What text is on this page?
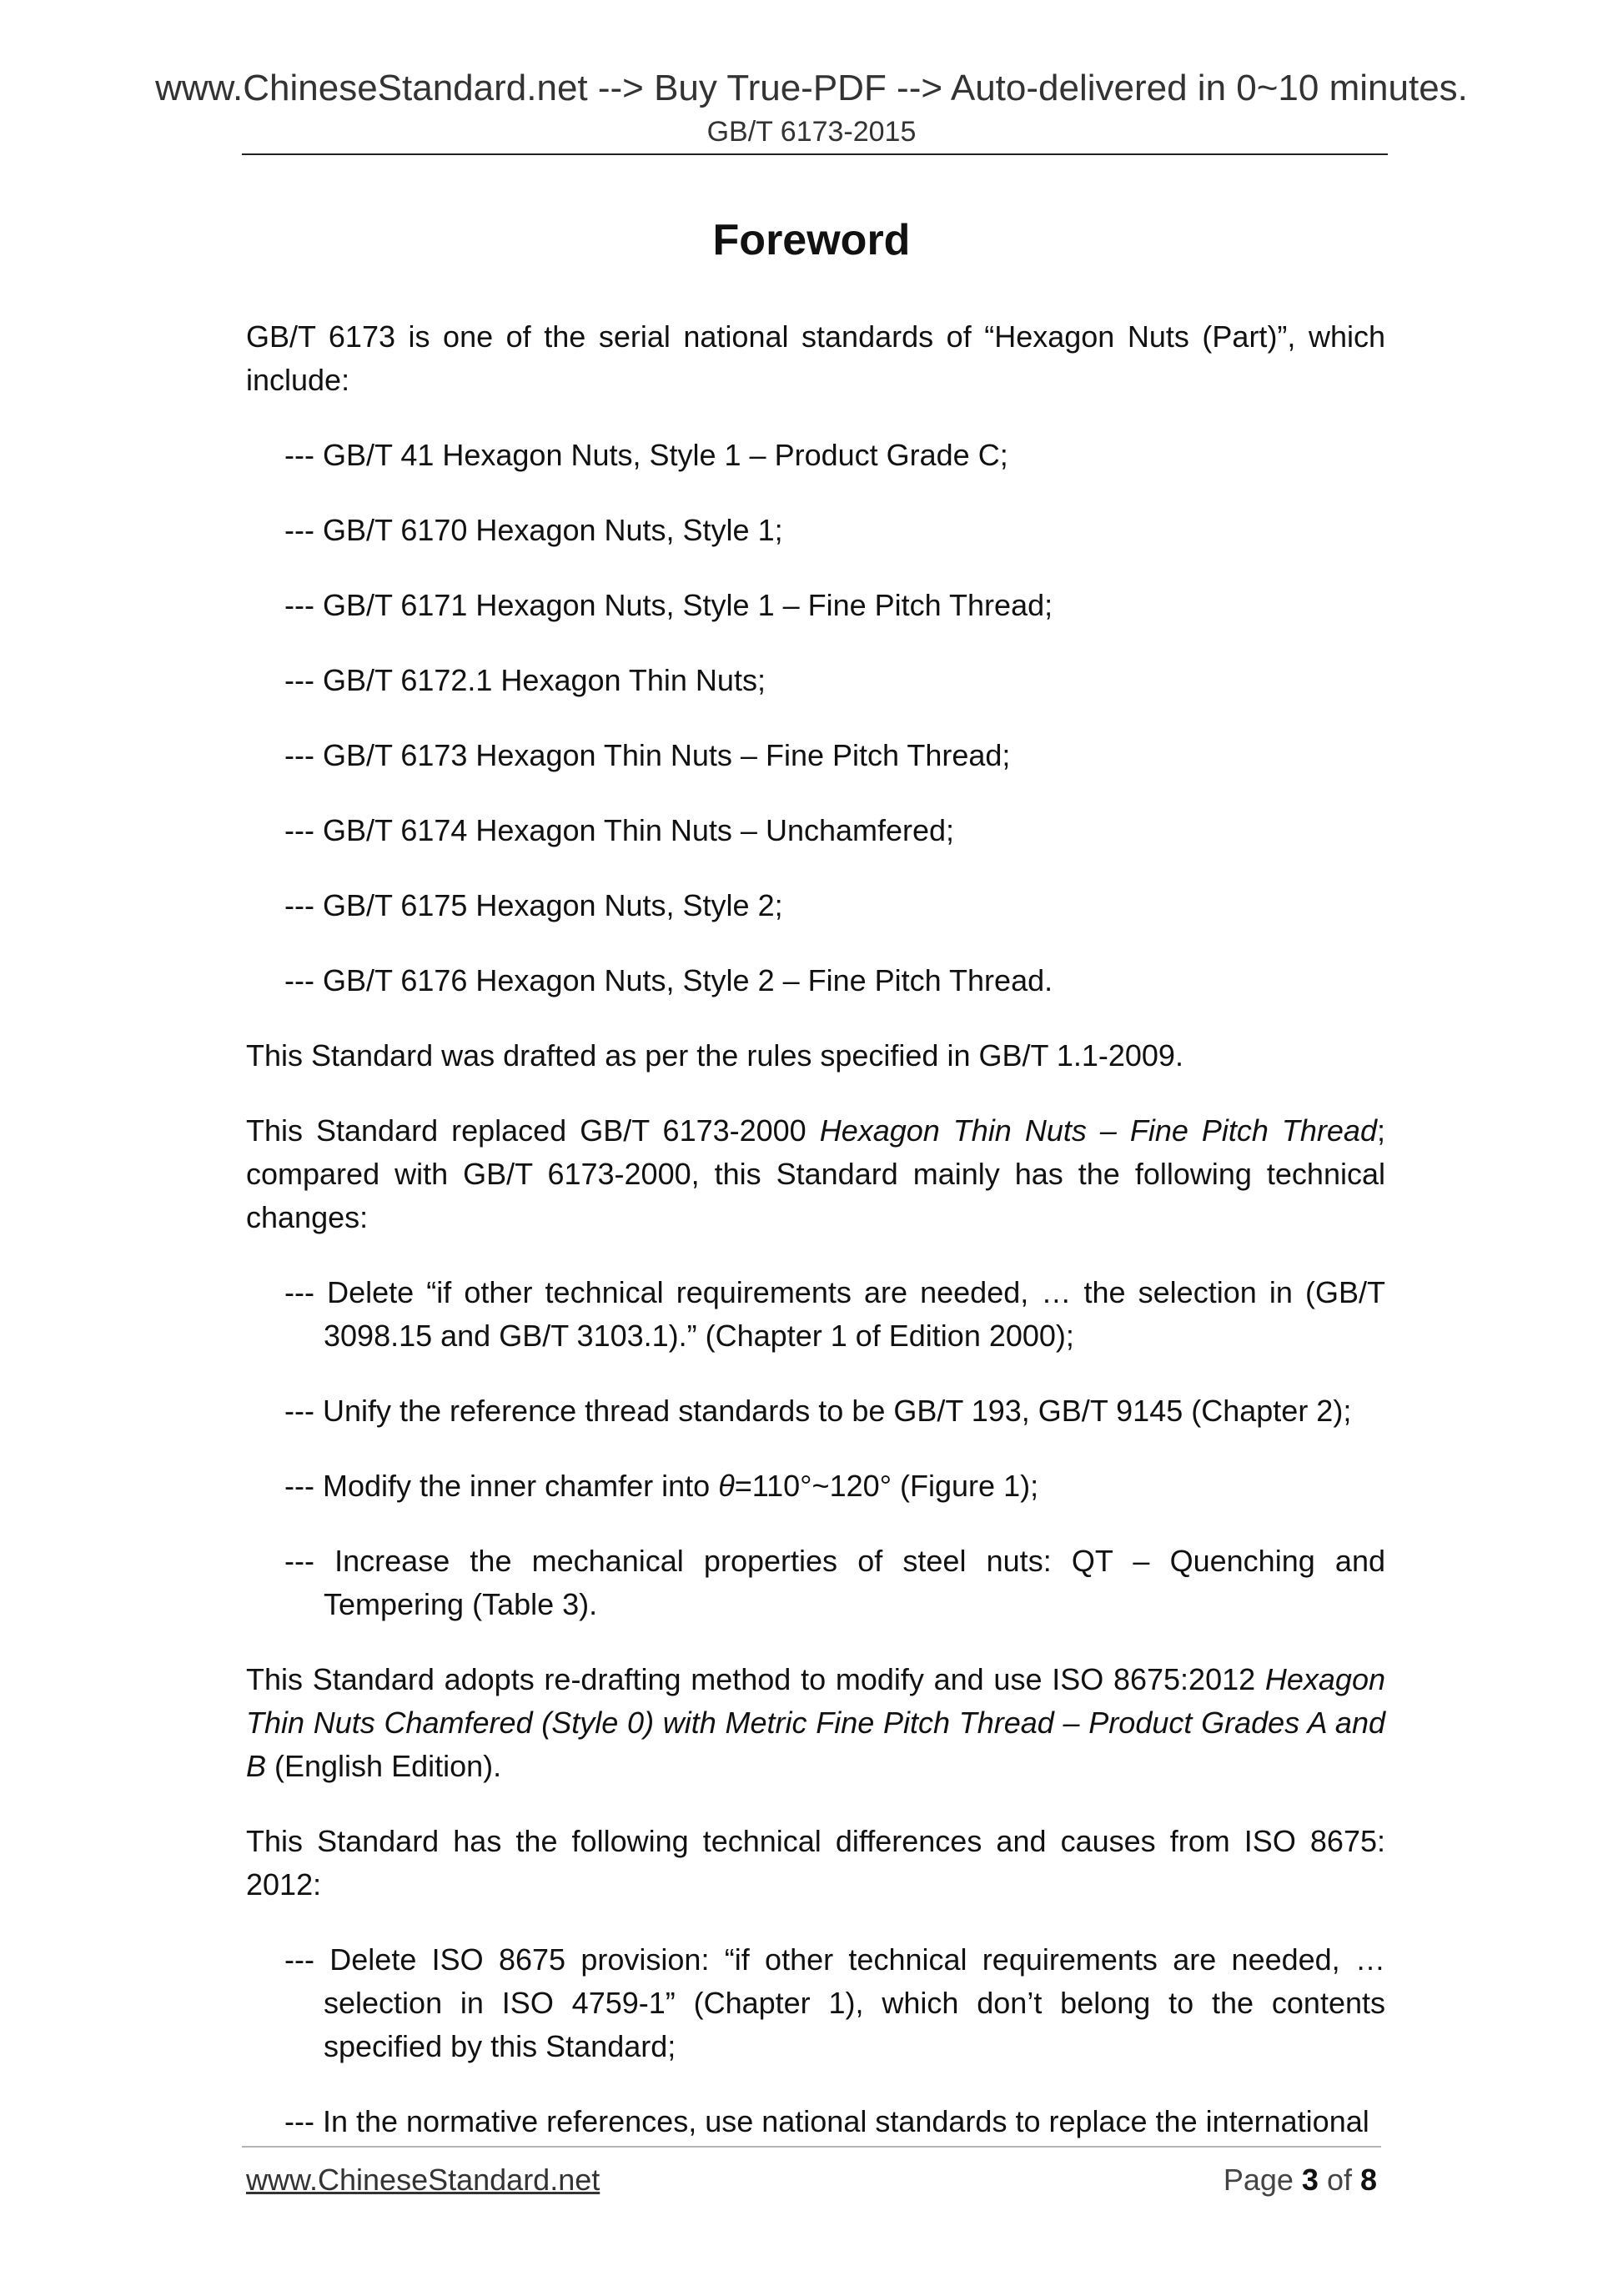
www.ChineseStandard.net --> Buy True-PDF --> Auto-delivered in 0~10 minutes.
GB/T 6173-2015
Foreword

GB/T 6173 is one of the serial national standards of “Hexagon Nuts (Part)”, which include:

--- GB/T 41 Hexagon Nuts, Style 1 – Product Grade C;

--- GB/T 6170 Hexagon Nuts, Style 1;

--- GB/T 6171 Hexagon Nuts, Style 1 – Fine Pitch Thread;

--- GB/T 6172.1 Hexagon Thin Nuts;

--- GB/T 6173 Hexagon Thin Nuts – Fine Pitch Thread;

--- GB/T 6174 Hexagon Thin Nuts – Unchamfered;

--- GB/T 6175 Hexagon Nuts, Style 2;

--- GB/T 6176 Hexagon Nuts, Style 2 – Fine Pitch Thread.

This Standard was drafted as per the rules specified in GB/T 1.1-2009.

This Standard replaced GB/T 6173-2000 Hexagon Thin Nuts – Fine Pitch Thread; compared with GB/T 6173-2000, this Standard mainly has the following technical changes:

--- Delete “if other technical requirements are needed, … the selection in (GB/T 3098.15 and GB/T 3103.1).” (Chapter 1 of Edition 2000);

--- Unify the reference thread standards to be GB/T 193, GB/T 9145 (Chapter 2);

--- Modify the inner chamfer into θ=110°~120° (Figure 1);

--- Increase the mechanical properties of steel nuts: QT – Quenching and Tempering (Table 3).

This Standard adopts re-drafting method to modify and use ISO 8675:2012 Hexagon Thin Nuts Chamfered (Style 0) with Metric Fine Pitch Thread – Product Grades A and B (English Edition).

This Standard has the following technical differences and causes from ISO 8675: 2012:

--- Delete ISO 8675 provision: “if other technical requirements are needed, … selection in ISO 4759-1” (Chapter 1), which don’t belong to the contents specified by this Standard;

--- In the normative references, use national standards to replace the international

www.ChineseStandard.net	Page 3 of 8
